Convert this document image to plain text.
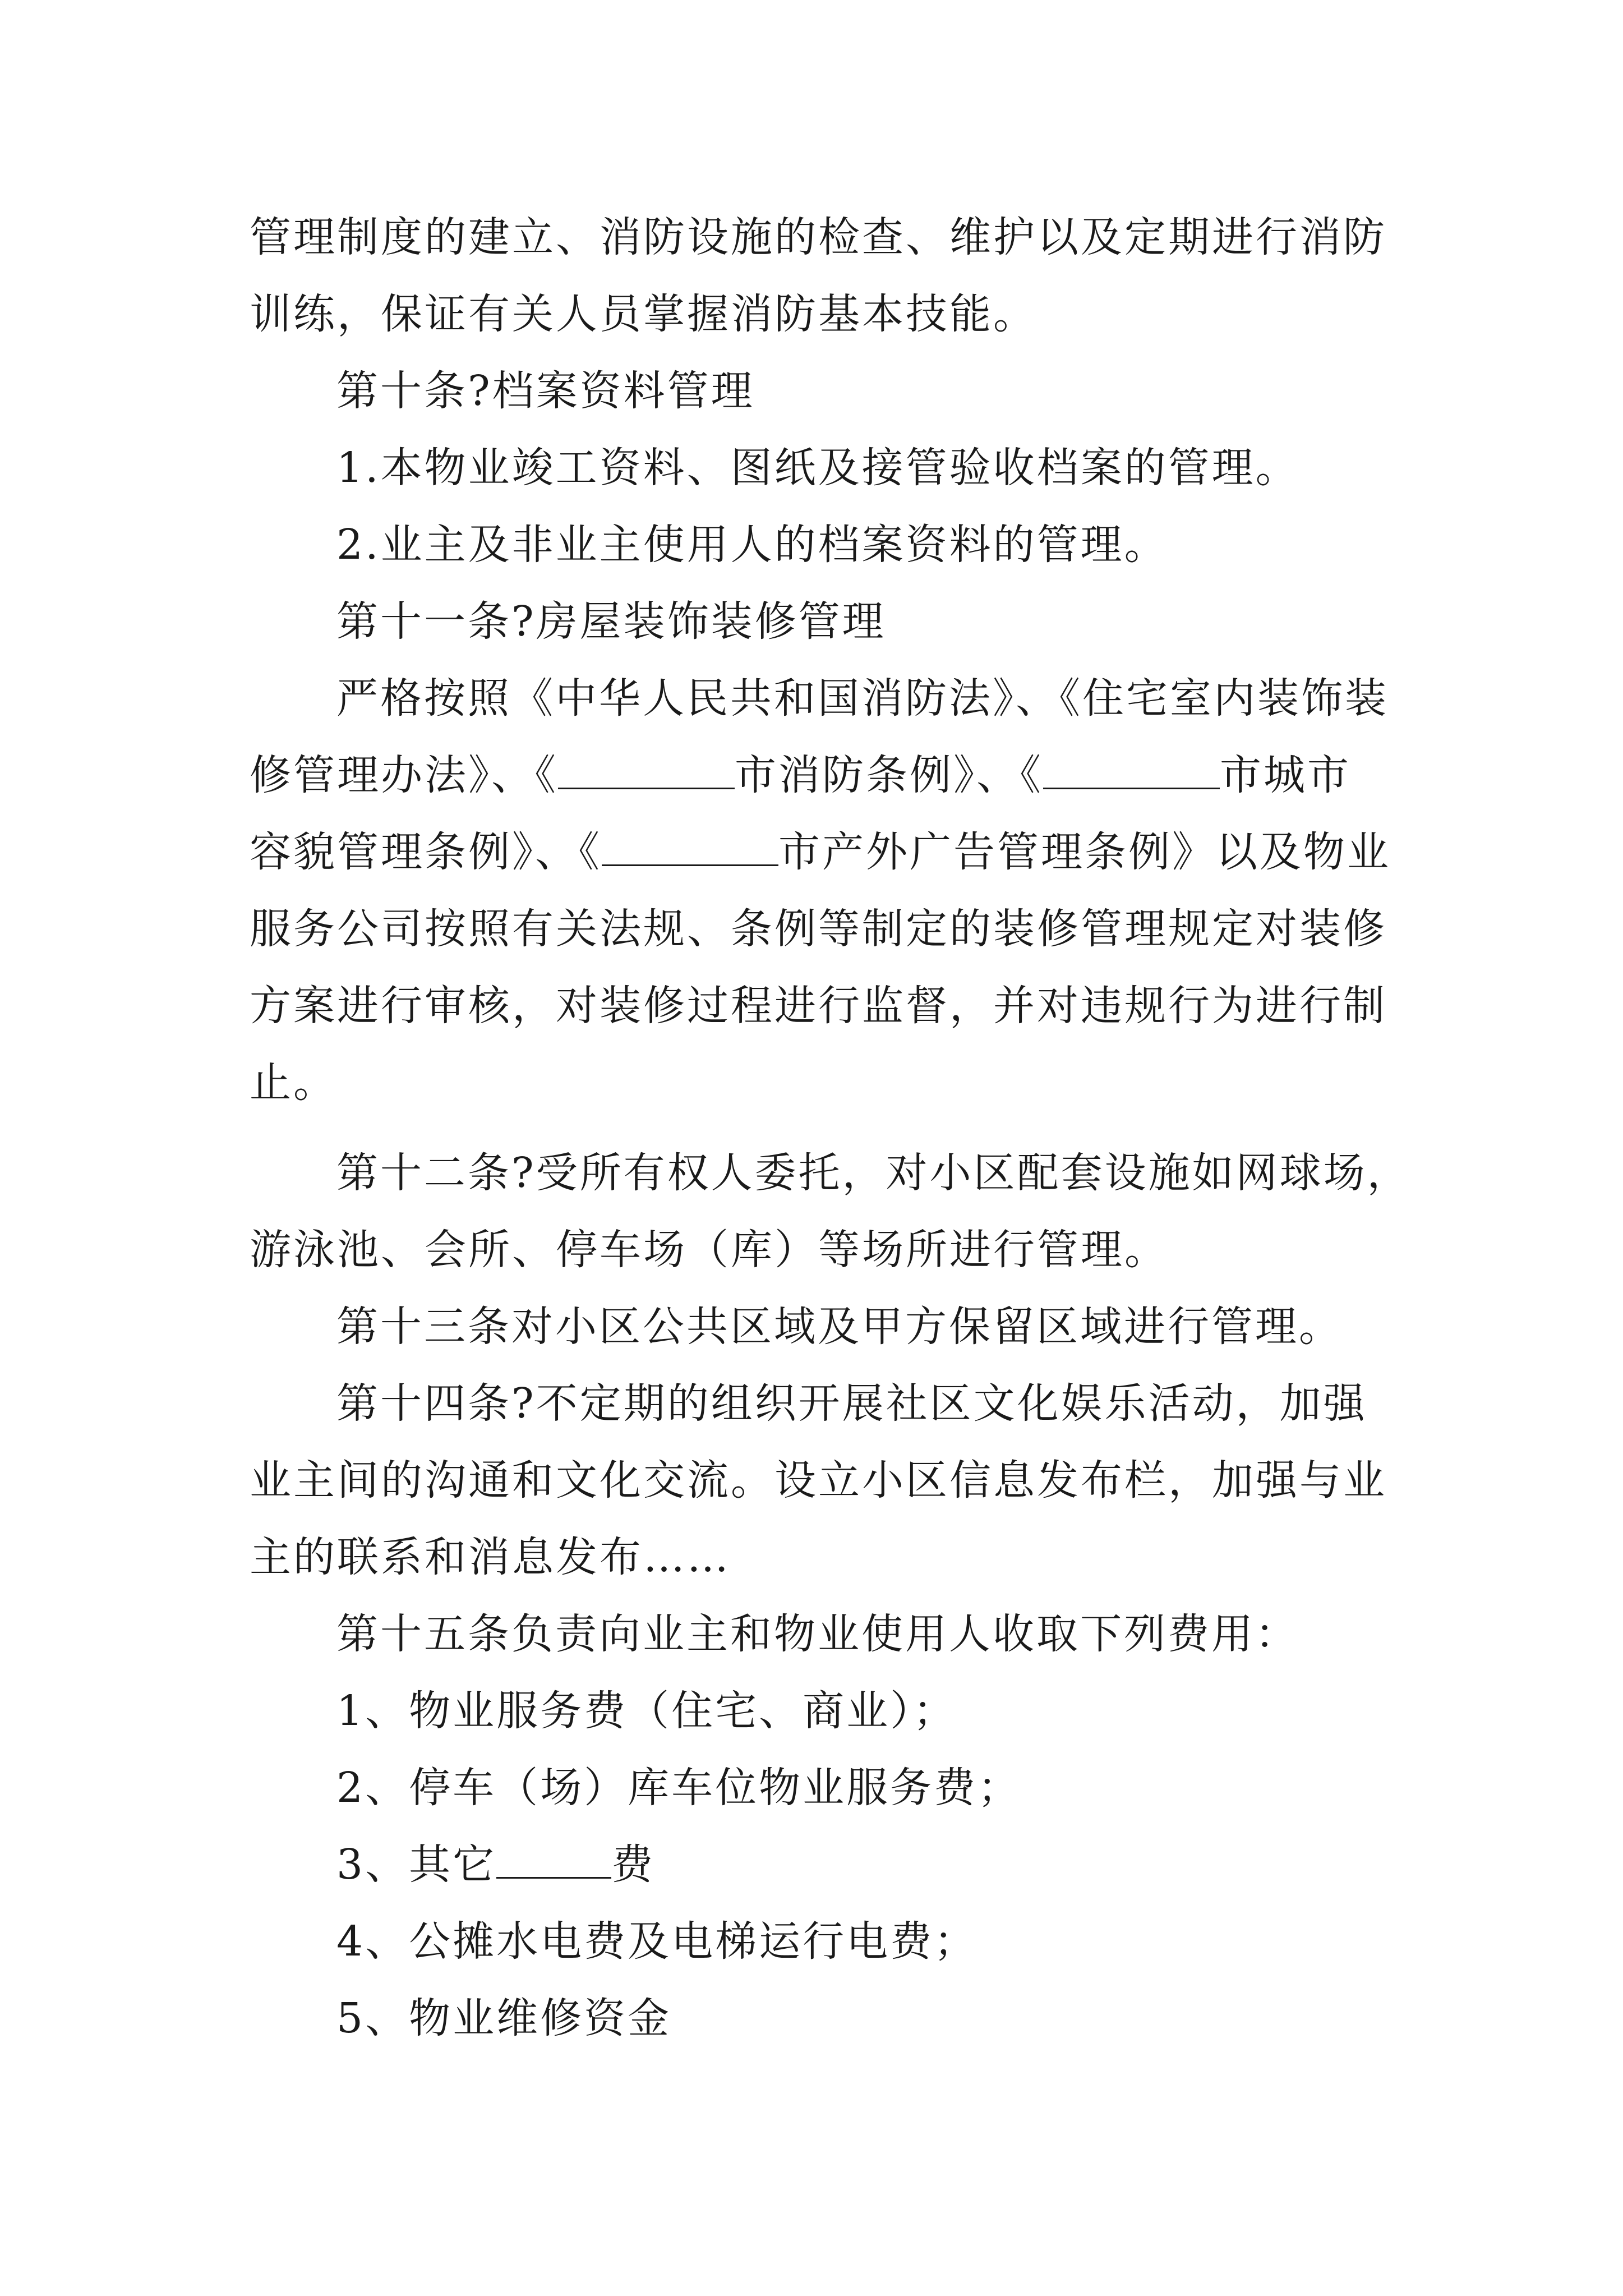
管理制度的建立、消防设施的检查、维护以及定期进行消防
训练，保证有关人员掌握消防基本技能。
第十条?档案资料管理
1.本物业竣工资料、图纸及接管验收档案的管理。
2.业主及非业主使用人的档案资料的管理。
第十一条?房屋装饰装修管理
严格按照《中华人民共和国消防法》、《住宅室内装饰装
修管理办法》、《	市消防条例》、《	市城市
容貌管理条例》、《	市产外广告管理条例》以及物业
服务公司按照有关法规、条例等制定的装修管理规定对装修
方案进行审核，对装修过程进行监督，并对违规行为进行制
止。
第十二条?受所有权人委托，对小区配套设施如网球场，
游泳池、会所、停车场（库）等场所进行管理。
第十三条对小区公共区域及甲方保留区域进行管理。
第十四条?不定期的组织开展社区文化娱乐活动，加强
业主间的沟通和文化交流。设立小区信息发布栏，加强与业
主的联系和消息发布……
第十五条负责向业主和物业使用人收取下列费用：
1、物业服务费（住宅、商业）；
2、停车（场）库车位物业服务费；
3、其它	费
4、公摊水电费及电梯运行电费；
5、物业维修资金
